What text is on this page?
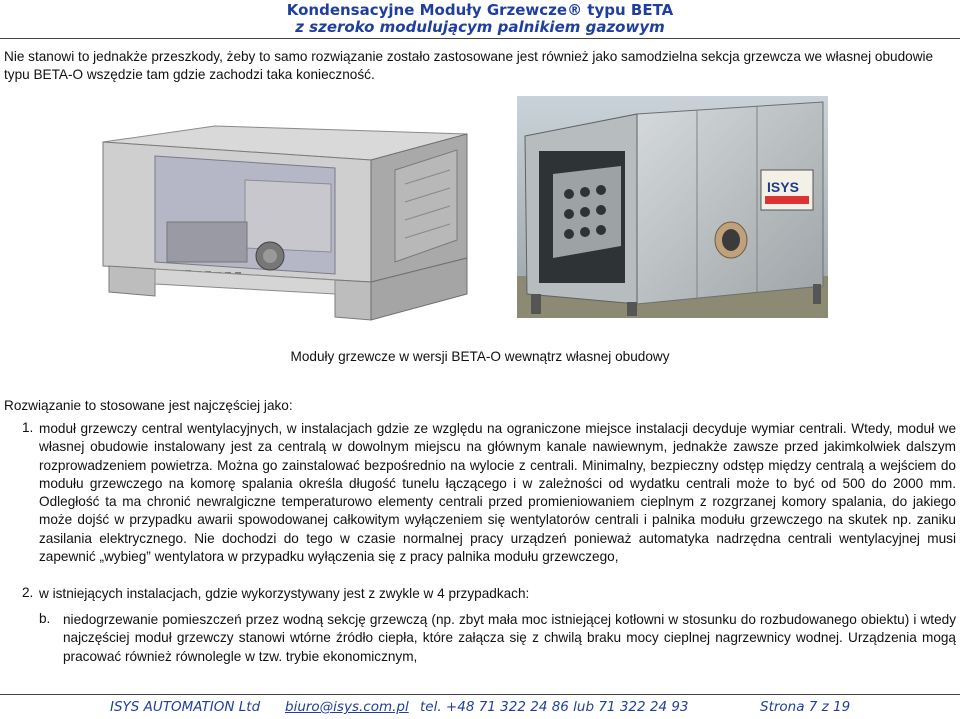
Kondensacyjne Moduły Grzewcze® typu BETA
z szeroko modulującym palnikiem gazowym
Nie stanowi to jednakże przeszkody, żeby to samo rozwiązanie zostało zastosowane jest również jako samodzielna sekcja grzewcza we własnej obudowie typu BETA-O wszędzie tam gdzie zachodzi taka konieczność.
ISYS
Moduły grzewcze w wersji BETA-O wewnątrz własnej obudowy
Rozwiązanie to stosowane jest najczęściej jako:
1. moduł grzewczy central wentylacyjnych, w instalacjach gdzie ze względu na ograniczone miejsce instalacji decyduje wymiar centrali. Wtedy, moduł we własnej obudowie instalowany jest za centralą w dowolnym miejscu na głównym kanale nawiewnym, jednakże zawsze przed jakimkolwiek dalszym rozprowadzeniem powietrza. Można go zainstalować bezpośrednio na wylocie z centrali. Minimalny, bezpieczny odstęp między centralą a wejściem do modułu grzewczego na komorę spalania określa długość tunelu łączącego i w zależności od wydatku centrali może to być od 500 do 2000 mm. Odległość ta ma chronić newralgiczne temperaturowo elementy centrali przed promieniowaniem cieplnym z rozgrzanej komory spalania, do jakiego może dojść w przypadku awarii spowodowanej całkowitym wyłączeniem się wentylatorów centrali i palnika modułu grzewczego na skutek np. zaniku zasilania elektrycznego. Nie dochodzi do tego w czasie normalnej pracy urządzeń ponieważ automatyka nadrzędna centrali wentylacyjnej musi zapewnić „wybieg” wentylatora w przypadku wyłączenia się z pracy palnika modułu grzewczego,
2. w istniejących instalacjach, gdzie wykorzystywany jest z zwykle w 4 przypadkach:
b. niedogrzewanie pomieszczeń przez wodną sekcję grzewczą (np. zbyt mała moc istniejącej kotłowni w stosunku do rozbudowanego obiektu) i wtedy najczęściej moduł grzewczy stanowi wtórne źródło ciepła, które załącza się z chwilą braku mocy cieplnej nagrzewnicy wodnej. Urządzenia mogą pracować również równolegle w tzw. trybie ekonomicznym,
ISYS AUTOMATION Ltd biuro@isys.com.pl tel. +48 71 322 24 86 lub 71 322 24 93	Strona 7 z 19
